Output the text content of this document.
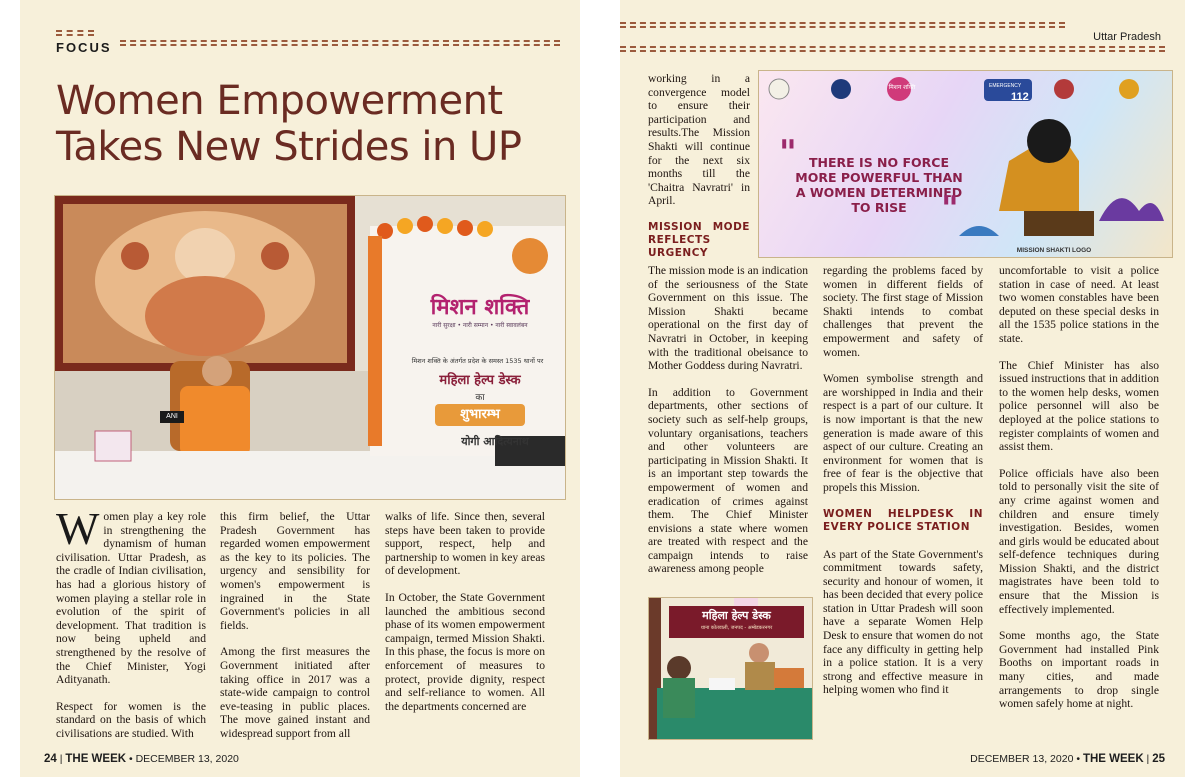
FOCUS
Women Empowerment
Takes New Strides in UP
मिशन शक्ति
नारी सुरक्षा • नारी सम्मान • नारी स्वावलंबन
मिशन शक्ति के अंतर्गत प्रदेश के समस्त 1535 थानों पर
महिला हेल्प डेस्क
का
शुभारम्भ
योगी आदित्यनाथ
ANI

Women play a key role in strengthening the dynamism of human civilisation. Uttar Pradesh, as the cradle of Indian civilisation, has had a glorious history of women playing a stellar role in evolution of the spirit of development. That tradition is now being upheld and strengthened by the resolve of the Chief Minister, Yogi Adityanath.

Respect for women is the standard on the basis of which civilisations are studied. With

this firm belief, the Uttar Pradesh Government has regarded women empowerment as the key to its policies. The urgency and sensibility for women's empowerment is ingrained in the State Government's policies in all fields.

Among the first measures the Government initiated after taking office in 2017 was a state-wide campaign to control eve-teasing in public places. The move gained instant and widespread support from all

walks of life. Since then, several steps have been taken to provide support, respect, help and partnership to women in key areas of development.

In October, the State Government launched the ambitious second phase of its women empowerment campaign, termed Mission Shakti. In this phase, the focus is more on enforcement of measures to protect, provide dignity, respect and self-reliance to women. All the departments concerned are

24 | THE WEEK • DECEMBER 13, 2020
Uttar Pradesh
112
EMERGENCY
मिशन शक्ति
" THERE IS NO FORCE
MORE POWERFUL THAN
A WOMEN DETERMINED
TO RISE	"
MISSION SHAKTI LOGO

working in a convergence model to ensure their participation and results.The Mission Shakti will continue for the next six months till the 'Chaitra Navratri' in April.

MISSION MODE REFLECTS URGENCY

The mission mode is an indication of the seriousness of the State Government on this issue. The Mission Shakti became operational on the first day of Navratri in October, in keeping with the traditional obeisance to Mother Goddess during Navratri.

In addition to Government departments, other sections of society such as self-help groups, voluntary organisations, teachers and other volunteers are participating in Mission Shakti. It is an important step towards the empowerment of women and eradication of crimes against them. The Chief Minister envisions a state where women are treated with respect and the campaign intends to raise awareness among people

regarding the problems faced by women in different fields of society. The first stage of Mission Shakti intends to combat challenges that prevent the empowerment and safety of women.

Women symbolise strength and are worshipped in India and their respect is a part of our culture. It is now important is that the new generation is made aware of this aspect of our culture. Creating an environment for women that is free of fear is the objective that propels this Mission.

WOMEN HELPDESK IN EVERY POLICE STATION

As part of the State Government's commitment towards safety, security and honour of women, it has been decided that every police station in Uttar Pradesh will soon have a separate Women Help Desk to ensure that women do not face any difficulty in getting help in a police station. It is a very strong and effective measure in helping women who find it

uncomfortable to visit a police station in case of need. At least two women constables have been deputed on these special desks in all the 1535 police stations in the state.

The Chief Minister has also issued instructions that in addition to the women help desks, women police personnel will also be deployed at the police stations to register complaints of women and assist them.

Police officials have also been told to personally visit the site of any crime against women and children and ensure timely investigation. Besides, women and girls would be educated about self-defence techniques during Mission Shakti, and the district magistrates have been told to ensure that the Mission is effectively implemented.

Some months ago, the State Government had installed Pink Booths on important roads in many cities, and made arrangements to drop single women safely home at night.

महिला हेल्प डेस्क
थाना कोतवाली, जनपद - अम्बेडकरनगर
DECEMBER 13, 2020 • THE WEEK | 25
